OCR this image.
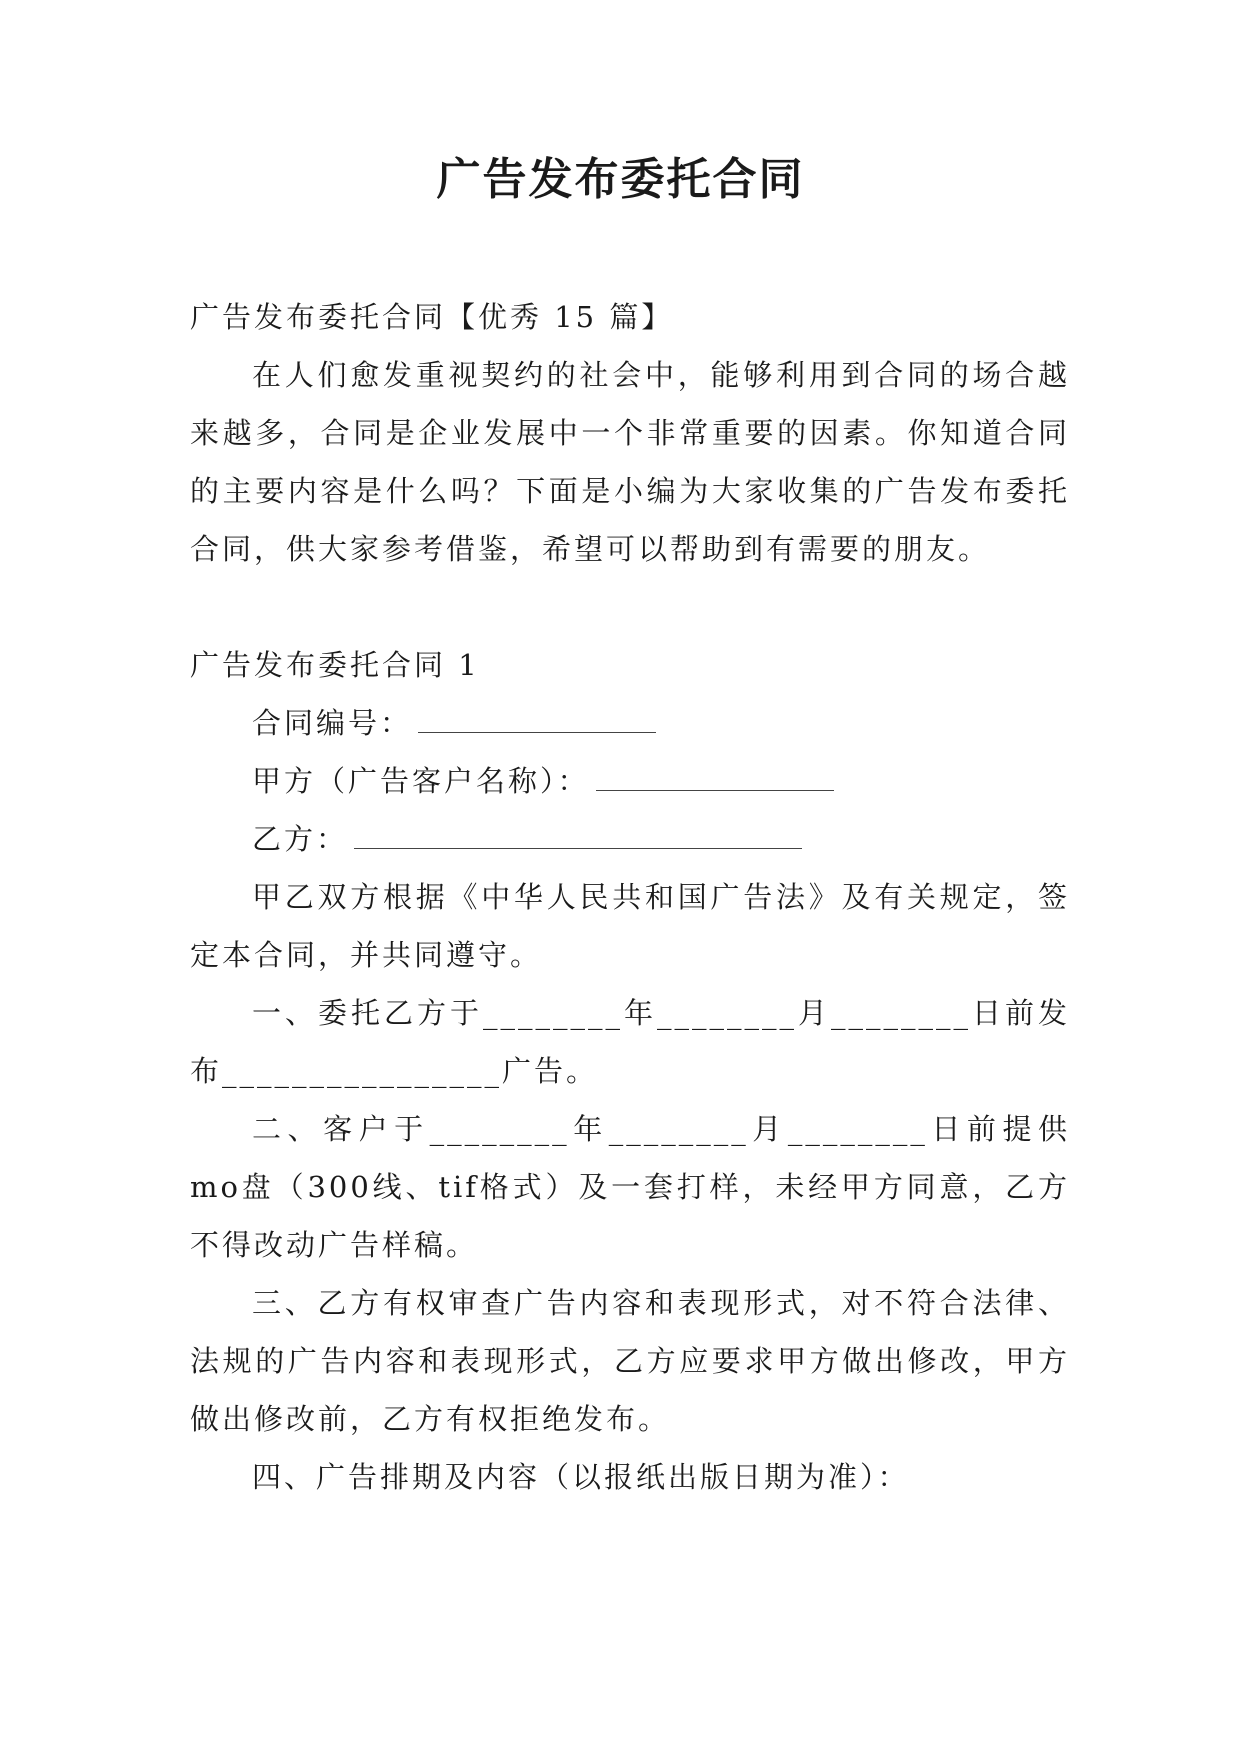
广告发布委托合同

广告发布委托合同【优秀 15 篇】

在人们愈发重视契约的社会中，能够利用到合同的场合越来越多，合同是企业发展中一个非常重要的因素。你知道合同的主要内容是什么吗？下面是小编为大家收集的广告发布委托合同，供大家参考借鉴，希望可以帮助到有需要的朋友。

广告发布委托合同 1

合同编号：

甲方（广告客户名称）：

乙方：

甲乙双方根据《中华人民共和国广告法》及有关规定，签定本合同，并共同遵守。

一、委托乙方于________年________月________日前发布________________广告。

二、客户于________年________月________日前提供mo盘（300线、tif格式）及一套打样，未经甲方同意，乙方不得改动广告样稿。

三、乙方有权审查广告内容和表现形式，对不符合法律、法规的广告内容和表现形式，乙方应要求甲方做出修改，甲方做出修改前，乙方有权拒绝发布。

四、广告排期及内容（以报纸出版日期为准）：
